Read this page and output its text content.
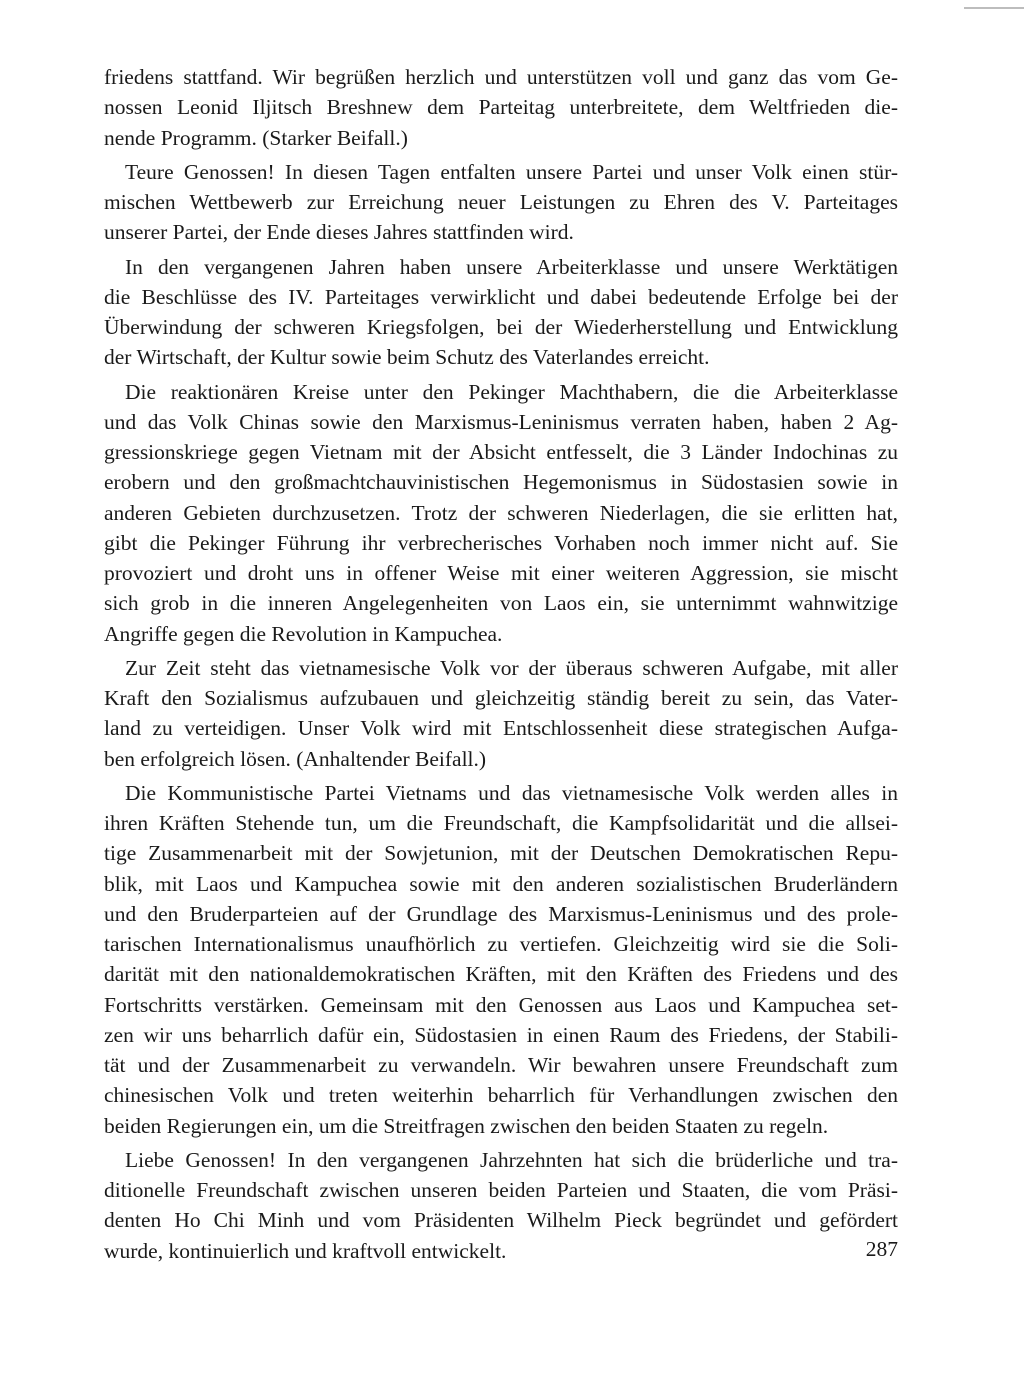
friedens stattfand. Wir begrüßen herzlich und unterstützen voll und ganz das vom Ge-
nossen Leonid Iljitsch Breshnew dem Parteitag unterbreitete, dem Weltfrieden die-
nende Programm. (Starker Beifall.)
Teure Genossen! In diesen Tagen entfalten unsere Partei und unser Volk einen stür-
mischen Wettbewerb zur Erreichung neuer Leistungen zu Ehren des V. Parteitages
unserer Partei, der Ende dieses Jahres stattfinden wird.
In den vergangenen Jahren haben unsere Arbeiterklasse und unsere Werktätigen
die Beschlüsse des IV. Parteitages verwirklicht und dabei bedeutende Erfolge bei der
Überwindung der schweren Kriegsfolgen, bei der Wiederherstellung und Entwicklung
der Wirtschaft, der Kultur sowie beim Schutz des Vaterlandes erreicht.
Die reaktionären Kreise unter den Pekinger Machthabern, die die Arbeiterklasse
und das Volk Chinas sowie den Marxismus-Leninismus verraten haben, haben 2 Ag-
gressionskriege gegen Vietnam mit der Absicht entfesselt, die 3 Länder Indochinas zu
erobern und den großmachtchauvinistischen Hegemonismus in Südostasien sowie in
anderen Gebieten durchzusetzen. Trotz der schweren Niederlagen, die sie erlitten hat,
gibt die Pekinger Führung ihr verbrecherisches Vorhaben noch immer nicht auf. Sie
provoziert und droht uns in offener Weise mit einer weiteren Aggression, sie mischt
sich grob in die inneren Angelegenheiten von Laos ein, sie unternimmt wahnwitzige
Angriffe gegen die Revolution in Kampuchea.
Zur Zeit steht das vietnamesische Volk vor der überaus schweren Aufgabe, mit aller
Kraft den Sozialismus aufzubauen und gleichzeitig ständig bereit zu sein, das Vater-
land zu verteidigen. Unser Volk wird mit Entschlossenheit diese strategischen Aufga-
ben erfolgreich lösen. (Anhaltender Beifall.)
Die Kommunistische Partei Vietnams und das vietnamesische Volk werden alles in
ihren Kräften Stehende tun, um die Freundschaft, die Kampfsolidarität und die allsei-
tige Zusammenarbeit mit der Sowjetunion, mit der Deutschen Demokratischen Repu-
blik, mit Laos und Kampuchea sowie mit den anderen sozialistischen Bruderländern
und den Bruderparteien auf der Grundlage des Marxismus-Leninismus und des prole-
tarischen Internationalismus unaufhörlich zu vertiefen. Gleichzeitig wird sie die Soli-
darität mit den nationaldemokratischen Kräften, mit den Kräften des Friedens und des
Fortschritts verstärken. Gemeinsam mit den Genossen aus Laos und Kampuchea set-
zen wir uns beharrlich dafür ein, Südostasien in einen Raum des Friedens, der Stabili-
tät und der Zusammenarbeit zu verwandeln. Wir bewahren unsere Freundschaft zum
chinesischen Volk und treten weiterhin beharrlich für Verhandlungen zwischen den
beiden Regierungen ein, um die Streitfragen zwischen den beiden Staaten zu regeln.
Liebe Genossen! In den vergangenen Jahrzehnten hat sich die brüderliche und tra-
ditionelle Freundschaft zwischen unseren beiden Parteien und Staaten, die vom Präsi-
denten Ho Chi Minh und vom Präsidenten Wilhelm Pieck begründet und gefördert
wurde, kontinuierlich und kraftvoll entwickelt.	287
